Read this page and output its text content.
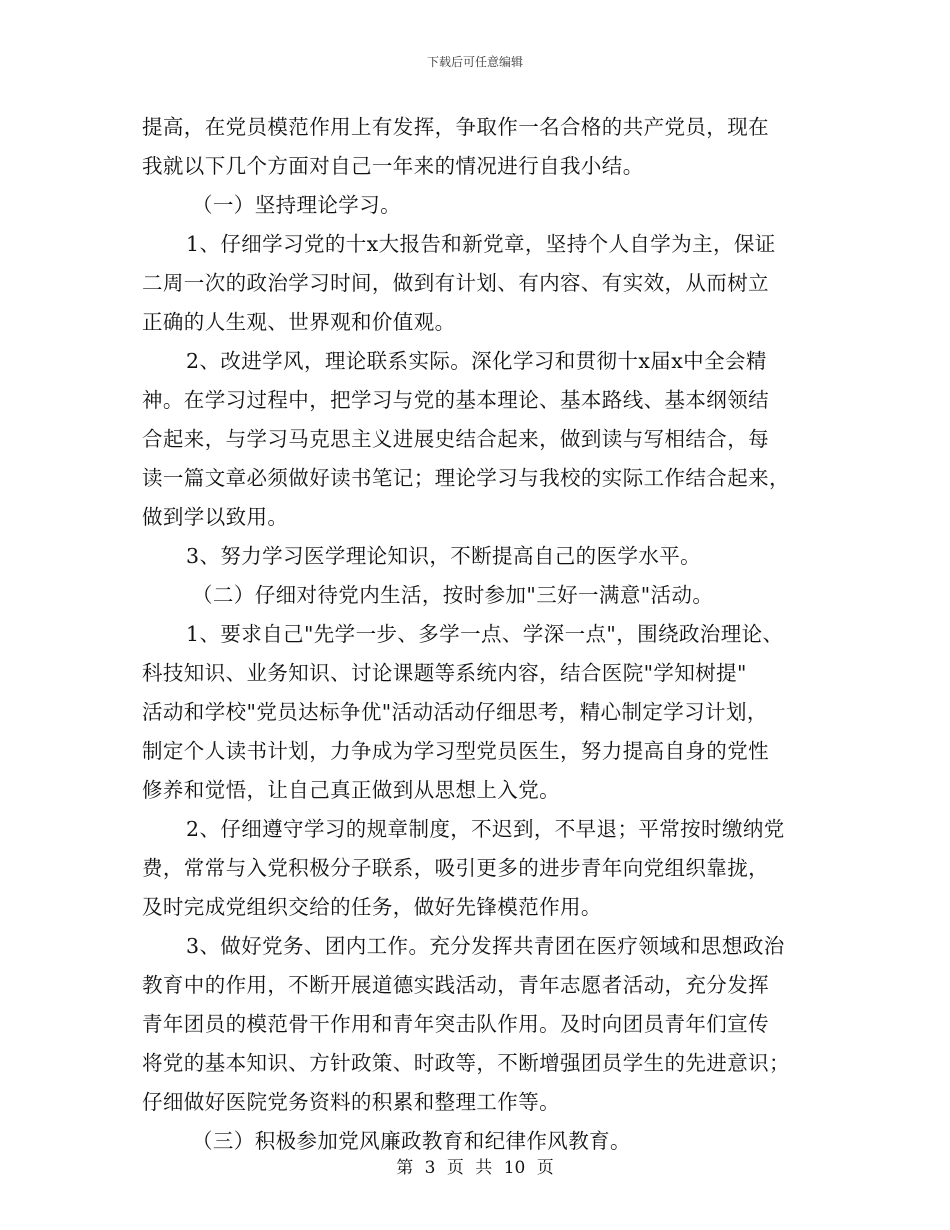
下载后可任意编辑
提高，在党员模范作用上有发挥，争取作一名合格的共产党员，现在
我就以下几个方面对自己一年来的情况进行自我小结。
（一）坚持理论学习。
1、仔细学习党的十x大报告和新党章，坚持个人自学为主，保证
二周一次的政治学习时间，做到有计划、有内容、有实效，从而树立
正确的人生观、世界观和价值观。
2、改进学风，理论联系实际。深化学习和贯彻十x届x中全会精
神。在学习过程中，把学习与党的基本理论、基本路线、基本纲领结
合起来，与学习马克思主义进展史结合起来，做到读与写相结合，每
读一篇文章必须做好读书笔记；理论学习与我校的实际工作结合起来，
做到学以致用。
3、努力学习医学理论知识，不断提高自己的医学水平。
（二）仔细对待党内生活，按时参加"三好一满意"活动。
1、要求自己"先学一步、多学一点、学深一点"，围绕政治理论、
科技知识、业务知识、讨论课题等系统内容，结合医院"学知树提"
活动和学校"党员达标争优"活动活动仔细思考，精心制定学习计划，
制定个人读书计划，力争成为学习型党员医生，努力提高自身的党性
修养和觉悟，让自己真正做到从思想上入党。
2、仔细遵守学习的规章制度，不迟到，不早退；平常按时缴纳党
费，常常与入党积极分子联系，吸引更多的进步青年向党组织靠拢，
及时完成党组织交给的任务，做好先锋模范作用。
3、做好党务、团内工作。充分发挥共青团在医疗领域和思想政治
教育中的作用，不断开展道德实践活动，青年志愿者活动，充分发挥
青年团员的模范骨干作用和青年突击队作用。及时向团员青年们宣传
将党的基本知识、方针政策、时政等，不断增强团员学生的先进意识；
仔细做好医院党务资料的积累和整理工作等。
（三）积极参加党风廉政教育和纪律作风教育。
第 3 页 共 10 页
